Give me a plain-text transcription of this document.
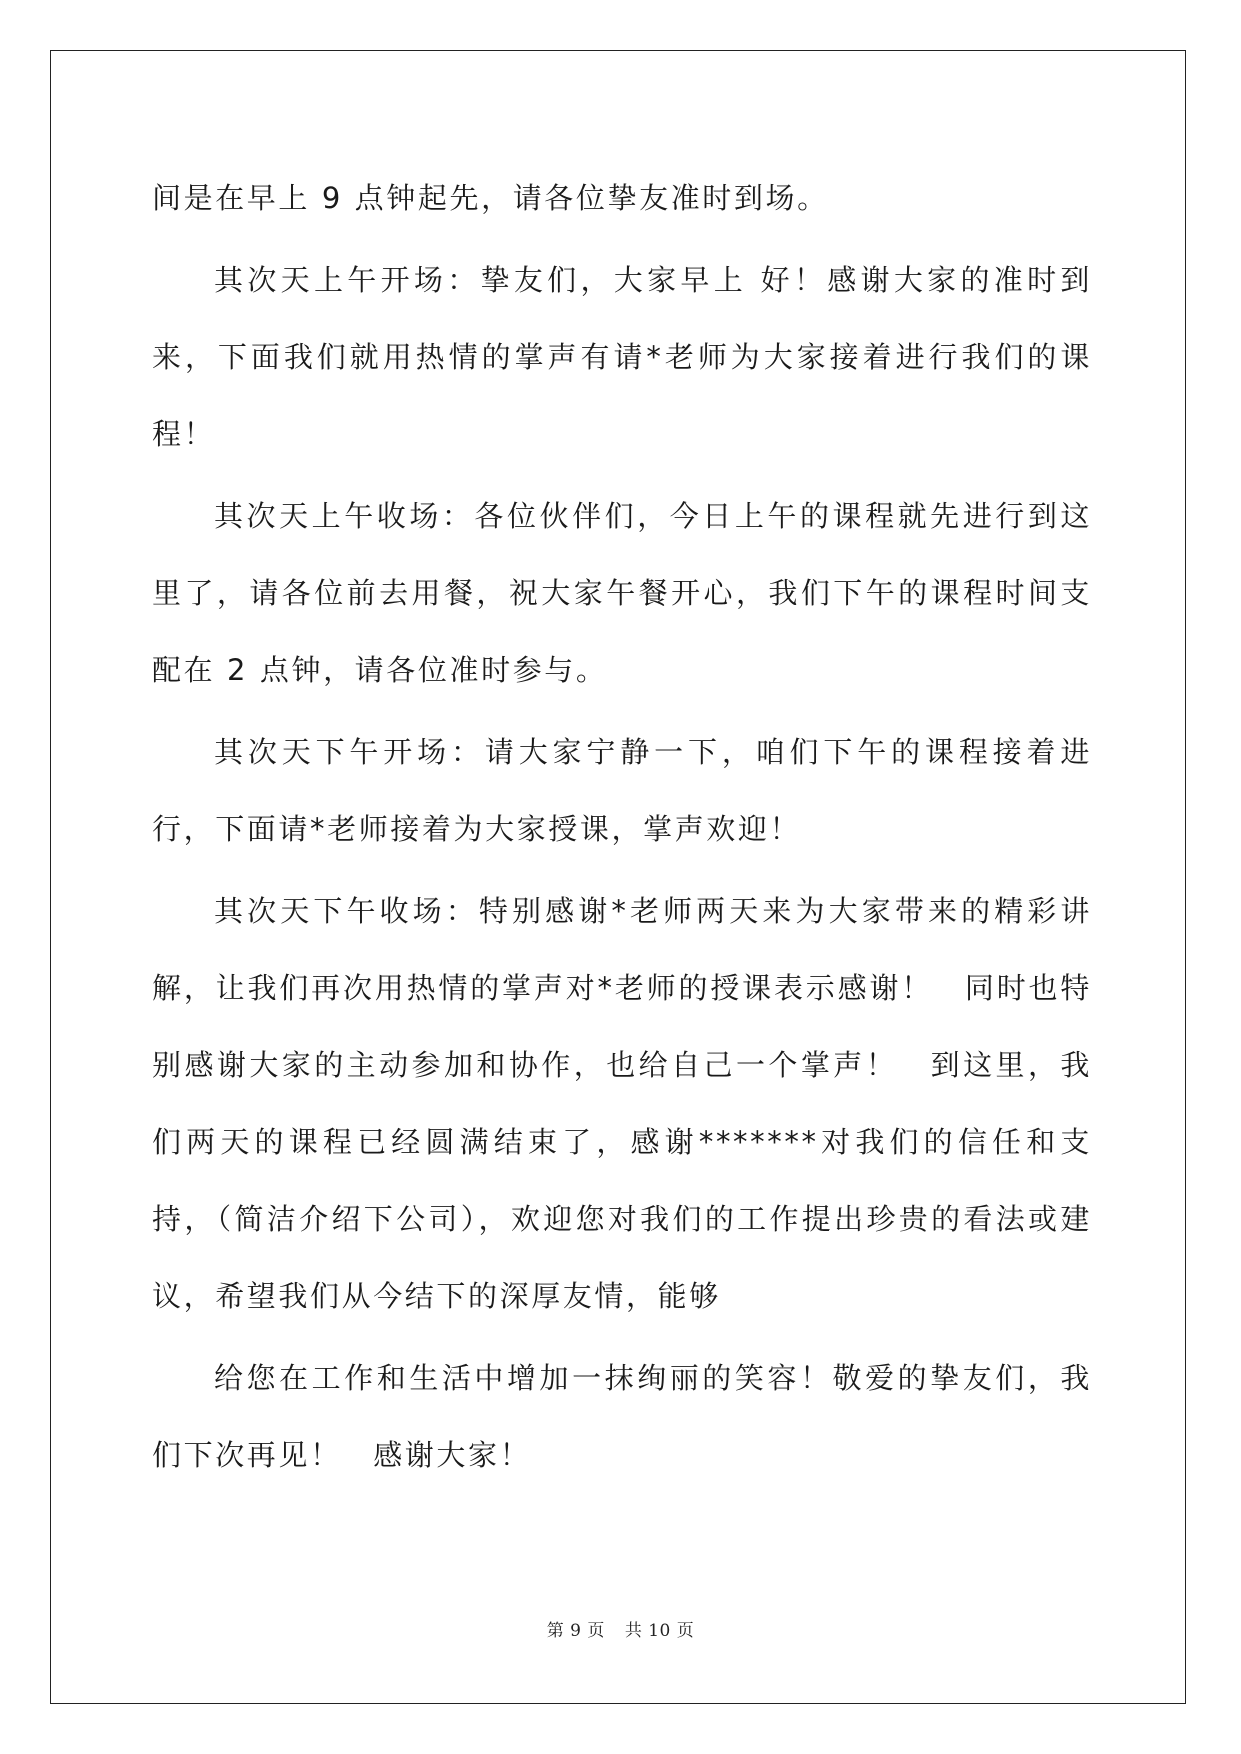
间是在早上 9 点钟起先，请各位挚友准时到场。

其次天上午开场：挚友们，大家早上 好！感谢大家的准时到来，下面我们就用热情的掌声有请*老师为大家接着进行我们的课程！

其次天上午收场：各位伙伴们，今日上午的课程就先进行到这里了，请各位前去用餐，祝大家午餐开心，我们下午的课程时间支配在 2 点钟，请各位准时参与。

其次天下午开场：请大家宁静一下，咱们下午的课程接着进行，下面请*老师接着为大家授课，掌声欢迎！

其次天下午收场：特别感谢*老师两天来为大家带来的精彩讲解，让我们再次用热情的掌声对*老师的授课表示感谢！　同时也特别感谢大家的主动参加和协作，也给自己一个掌声！　到这里，我们两天的课程已经圆满结束了，感谢*******对我们的信任和支持，（简洁介绍下公司），欢迎您对我们的工作提出珍贵的看法或建议，希望我们从今结下的深厚友情，能够

给您在工作和生活中增加一抹绚丽的笑容！敬爱的挚友们，我们下次再见！　感谢大家！

第 9 页 共 10 页
